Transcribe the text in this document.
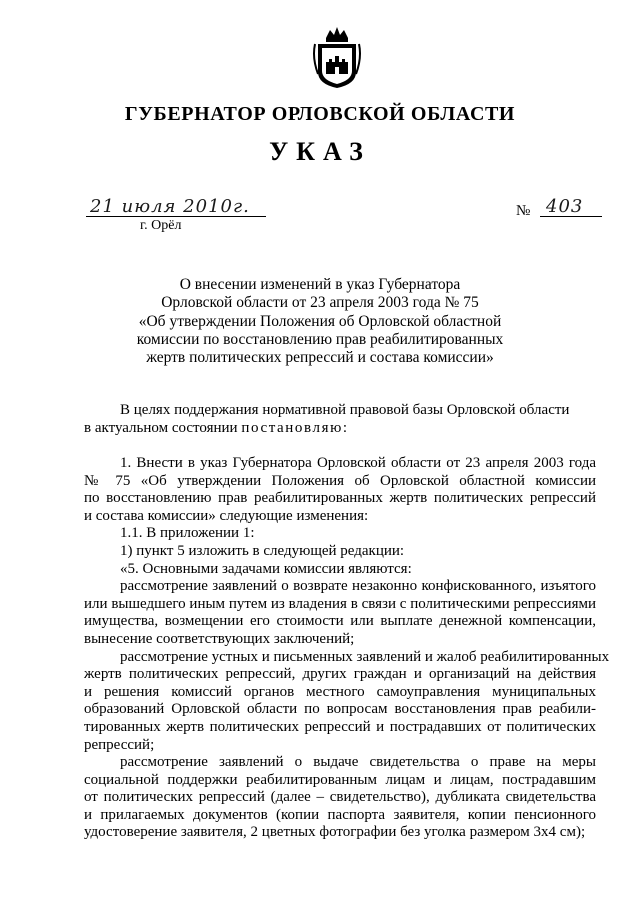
ГУБЕРНАТОР ОРЛОВСКОЙ ОБЛАСТИ
УКАЗ
21 июля 2010г.	№ 403
г. Орёл
О внесении изменений в указ Губернатора
Орловской области от 23 апреля 2003 года № 75
«Об утверждении Положения об Орловской областной
комиссии по восстановлению прав реабилитированных
жертв политических репрессий и состава комиссии»
В целях поддержания нормативной правовой базы Орловской области
в актуальном состоянии постановляю:
1. Внести в указ Губернатора Орловской области от 23 апреля 2003 года
№ 75 «Об утверждении Положения об Орловской областной комиссии
по восстановлению прав реабилитированных жертв политических репрессий
и состава комиссии» следующие изменения:
1.1. В приложении 1:
1) пункт 5 изложить в следующей редакции:
«5. Основными задачами комиссии являются:
рассмотрение заявлений о возврате незаконно конфискованного, изъятого
или вышедшего иным путем из владения в связи с политическими репрессиями
имущества, возмещении его стоимости или выплате денежной компенсации,
вынесение соответствующих заключений;
рассмотрение устных и письменных заявлений и жалоб реабилитированных
жертв политических репрессий, других граждан и организаций на действия
и решения комиссий органов местного самоуправления муниципальных
образований Орловской области по вопросам восстановления прав реабили-
тированных жертв политических репрессий и пострадавших от политических
репрессий;
рассмотрение заявлений о выдаче свидетельства о праве на меры
социальной поддержки реабилитированным лицам и лицам, пострадавшим
от политических репрессий (далее – свидетельство), дубликата свидетельства
и прилагаемых документов (копии паспорта заявителя, копии пенсионного
удостоверение заявителя, 2 цветных фотографии без уголка размером 3х4 см);
